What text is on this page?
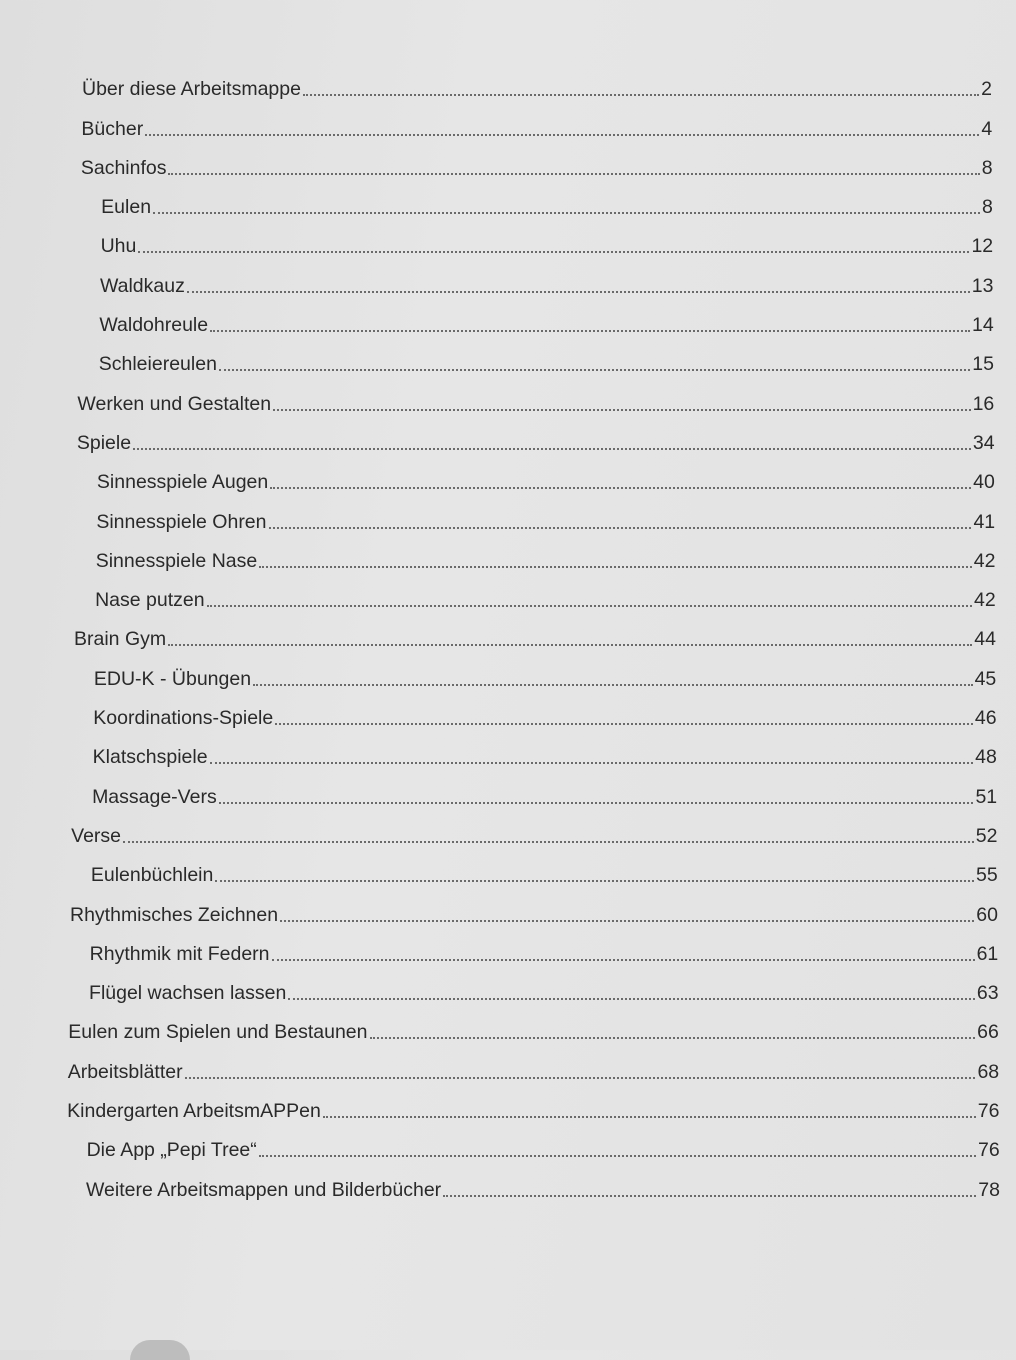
Über diese Arbeitsmappe	2
Bücher	4
Sachinfos	8
Eulen	8
Uhu	12
Waldkauz	13
Waldohreule	14
Schleiereulen	15
Werken und Gestalten	16
Spiele	34
Sinnesspiele Augen	40
Sinnesspiele Ohren	41
Sinnesspiele Nase	42
Nase putzen	42
Brain Gym	44
EDU-K - Übungen	45
Koordinations-Spiele	46
Klatschspiele	48
Massage-Vers	51
Verse	52
Eulenbüchlein	55
Rhythmisches Zeichnen	60
Rhythmik mit Federn	61
Flügel wachsen lassen	63
Eulen zum Spielen und Bestaunen	66
Arbeitsblätter	68
Kindergarten ArbeitsmAPPen	76
Die App „Pepi Tree“	76
Weitere Arbeitsmappen und Bilderbücher	78
